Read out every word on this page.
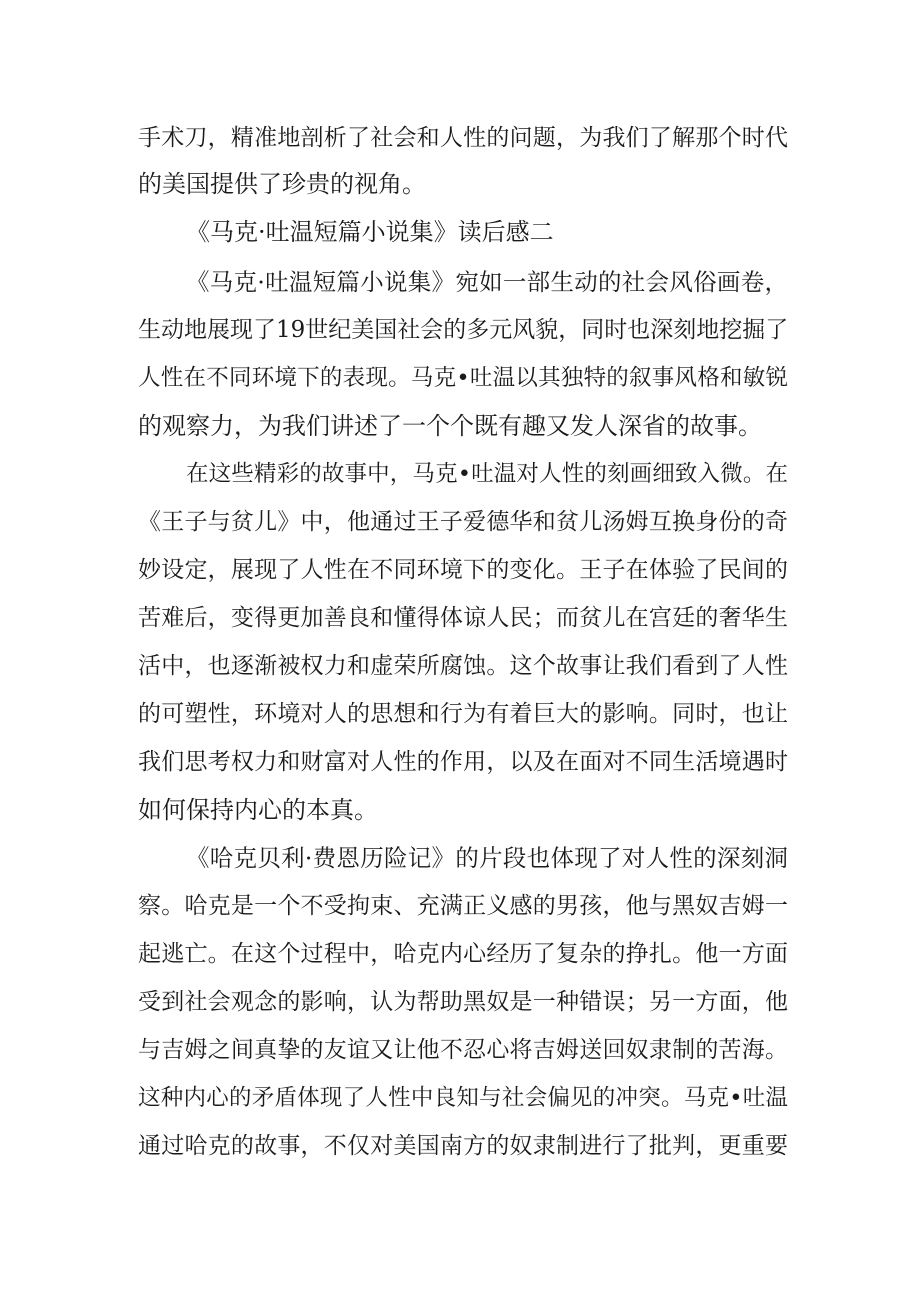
手术刀，精准地剖析了社会和人性的问题，为我们了解那个时代

的美国提供了珍贵的视角。

《马克·吐温短篇小说集》读后感二

《马克·吐温短篇小说集》宛如一部生动的社会风俗画卷，

生动地展现了19世纪美国社会的多元风貌，同时也深刻地挖掘了

人性在不同环境下的表现。马克•吐温以其独特的叙事风格和敏锐

的观察力，为我们讲述了一个个既有趣又发人深省的故事。

在这些精彩的故事中，马克•吐温对人性的刻画细致入微。在

《王子与贫儿》中，他通过王子爱德华和贫儿汤姆互换身份的奇

妙设定，展现了人性在不同环境下的变化。王子在体验了民间的

苦难后，变得更加善良和懂得体谅人民；而贫儿在宫廷的奢华生

活中，也逐渐被权力和虚荣所腐蚀。这个故事让我们看到了人性

的可塑性，环境对人的思想和行为有着巨大的影响。同时，也让

我们思考权力和财富对人性的作用，以及在面对不同生活境遇时

如何保持内心的本真。

《哈克贝利·费恩历险记》的片段也体现了对人性的深刻洞

察。哈克是一个不受拘束、充满正义感的男孩，他与黑奴吉姆一

起逃亡。在这个过程中，哈克内心经历了复杂的挣扎。他一方面

受到社会观念的影响，认为帮助黑奴是一种错误；另一方面，他

与吉姆之间真挚的友谊又让他不忍心将吉姆送回奴隶制的苦海。

这种内心的矛盾体现了人性中良知与社会偏见的冲突。马克•吐温

通过哈克的故事，不仅对美国南方的奴隶制进行了批判，更重要
